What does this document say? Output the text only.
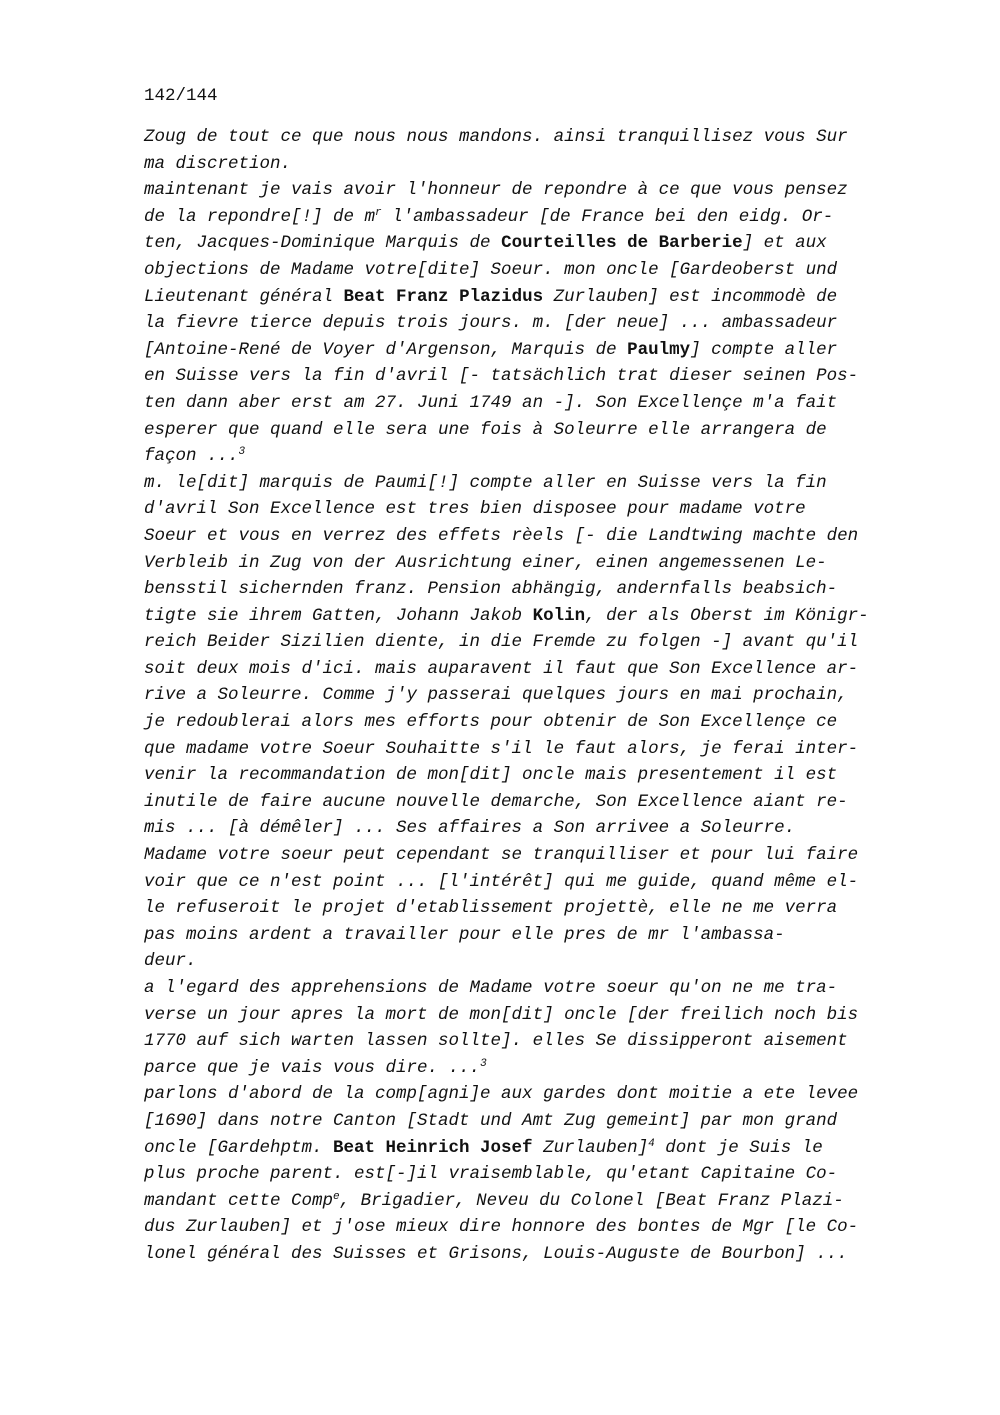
142/144
Zoug de tout ce que nous nous mandons. ainsi tranquillisez vous Sur
ma discretion.
maintenant je vais avoir l'honneur de repondre à ce que vous pensez
de la repondre[!] de $m^r$ l'ambassadeur [de France bei den eidg. Or-
ten, Jacques-Dominique Marquis de Courteilles de Barberie] et aux
objections de Madame votre[dite] Soeur. mon oncle [Gardeoberst und
Lieutenant général Beat Franz Plazidus Zurlauben] est incommodè de
la fievre tierce depuis trois jours. m. [der neue] ... ambassadeur
[Antoine-René de Voyer d'Argenson, Marquis de Paulmy] compte aller
en Suisse vers la fin d'avril [- tatsächlich trat dieser seinen Pos-
ten dann aber erst am 27. Juni 1749 an -]. Son Excellençe m'a fait
esperer que quand elle sera une fois à Soleurre elle arrangera de
façon ...$^3$
m. le[dit] marquis de Paumi[!] compte aller en Suisse vers la fin
d'avril Son Excellence est tres bien disposee pour madame votre
Soeur et vous en verrez des effets rèels [- die Landtwing machte den
Verbleib in Zug von der Ausrichtung einer, einen angemessenen Le-
bensstil sichernden franz. Pension abhängig, andernfalls beabsich-
tigte sie ihrem Gatten, Johann Jakob Kolin, der als Oberst im Königr-
reich Beider Sizilien diente, in die Fremde zu folgen -] avant qu'il
soit deux mois d'ici. mais auparavent il faut que Son Excellence ar-
rive a Soleurre. Comme j'y passerai quelques jours en mai prochain,
je redoublerai alors mes efforts pour obtenir de Son Excellençe ce
que madame votre Soeur Souhaitte s'il le faut alors, je ferai inter-
venir la recommandation de mon[dit] oncle mais presentement il est
inutile de faire aucune nouvelle demarche, Son Excellence aiant re-
mis ... [à démêler] ... Ses affaires a Son arrivee a Soleurre.
Madame votre soeur peut cependant se tranquilliser et pour lui faire
voir que ce n'est point ... [l'intérêt] qui me guide, quand même el-
le refuseroit le projet d'etablissement projettè, elle ne me verra
pas moins ardent a travailler pour elle pres de mr l'ambassa-
deur.
a l'egard des apprehensions de Madame votre soeur qu'on ne me tra-
verse un jour apres la mort de mon[dit] oncle [der freilich noch bis
1770 auf sich warten lassen sollte]. elles Se dissipperont aisement
parce que je vais vous dire. ...$^3$
parlons d'abord de la comp[agni]e aux gardes dont moitie a ete levee
[1690] dans notre Canton [Stadt und Amt Zug gemeint] par mon grand
oncle [Gardehptm. Beat Heinrich Josef Zurlauben]$^4$ dont je Suis le
plus proche parent. est[-]il vraisemblable, qu'etant Capitaine Co-
mandant cette Comp$^e$, Brigadier, Neveu du Colonel [Beat Franz Plazi-
dus Zurlauben] et j'ose mieux dire honnore des bontes de Mgr [le Co-
lonel général des Suisses et Grisons, Louis-Auguste de Bourbon] ...
